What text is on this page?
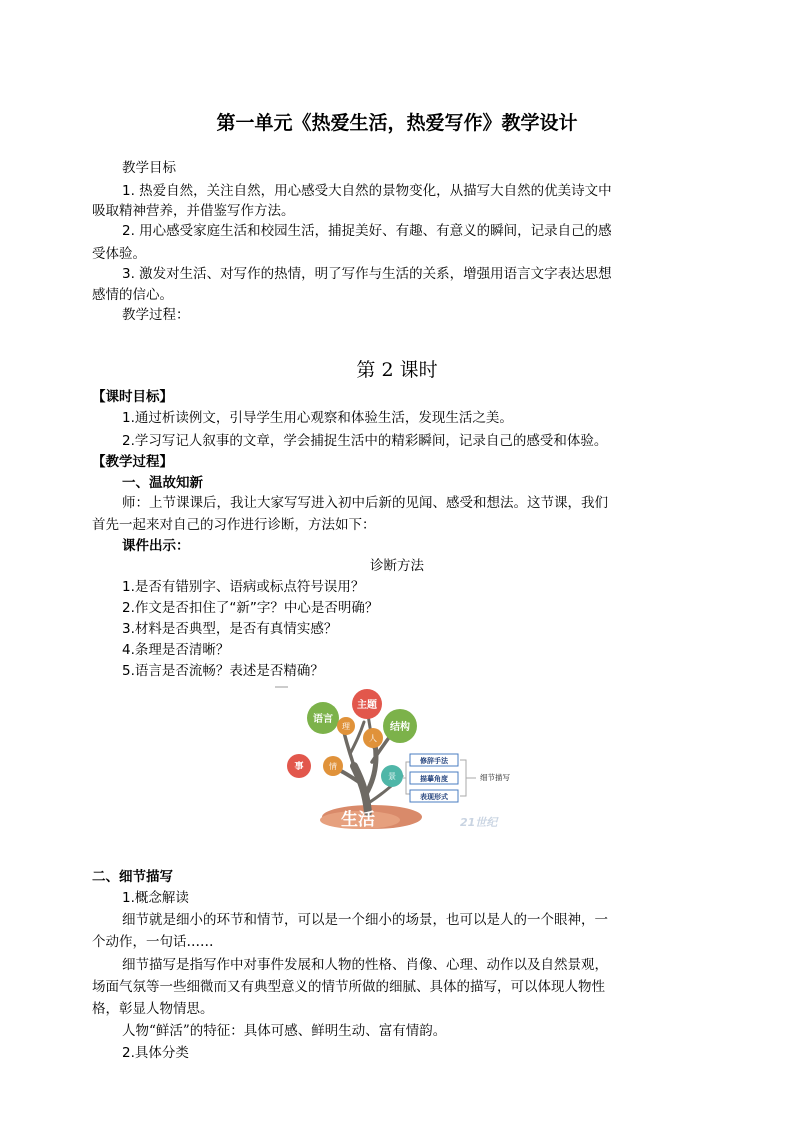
第一单元《热爱生活，热爱写作》教学设计
教学目标
1. 热爱自然，关注自然，用心感受大自然的景物变化，从描写大自然的优美诗文中
吸取精神营养，并借鉴写作方法。
2. 用心感受家庭生活和校园生活，捕捉美好、有趣、有意义的瞬间，记录自己的感
受体验。
3. 激发对生活、对写作的热情，明了写作与生活的关系，增强用语言文字表达思想
感情的信心。
教学过程：
第 2 课时
【课时目标】
1.通过析读例文，引导学生用心观察和体验生活，发现生活之美。
2.学习写记人叙事的文章，学会捕捉生活中的精彩瞬间，记录自己的感受和体验。
【教学过程】
一、温故知新
师：上节课课后，我让大家写写进入初中后新的见闻、感受和想法。这节课，我们
首先一起来对自己的习作进行诊断，方法如下：
课件出示：
诊断方法
1.是否有错别字、语病或标点符号误用？
2.作文是否扣住了“新”字？中心是否明确？
3.材料是否典型，是否有真情实感？
4.条理是否清晰？
5.语言是否流畅？表述是否精确？
主题
语言
结构
理
人
事	情
景
修辞手法
描摹角度
表现形式
细节描写
生活	21世纪
二、细节描写
1.概念解读
细节就是细小的环节和情节，可以是一个细小的场景，也可以是人的一个眼神，一
个动作，一句话……
细节描写是指写作中对事件发展和人物的性格、肖像、心理、动作以及自然景观，
场面气氛等一些细微而又有典型意义的情节所做的细腻、具体的描写，可以体现人物性
格，彰显人物情思。
人物“鲜活”的特征：具体可感、鲜明生动、富有情韵。
2.具体分类
